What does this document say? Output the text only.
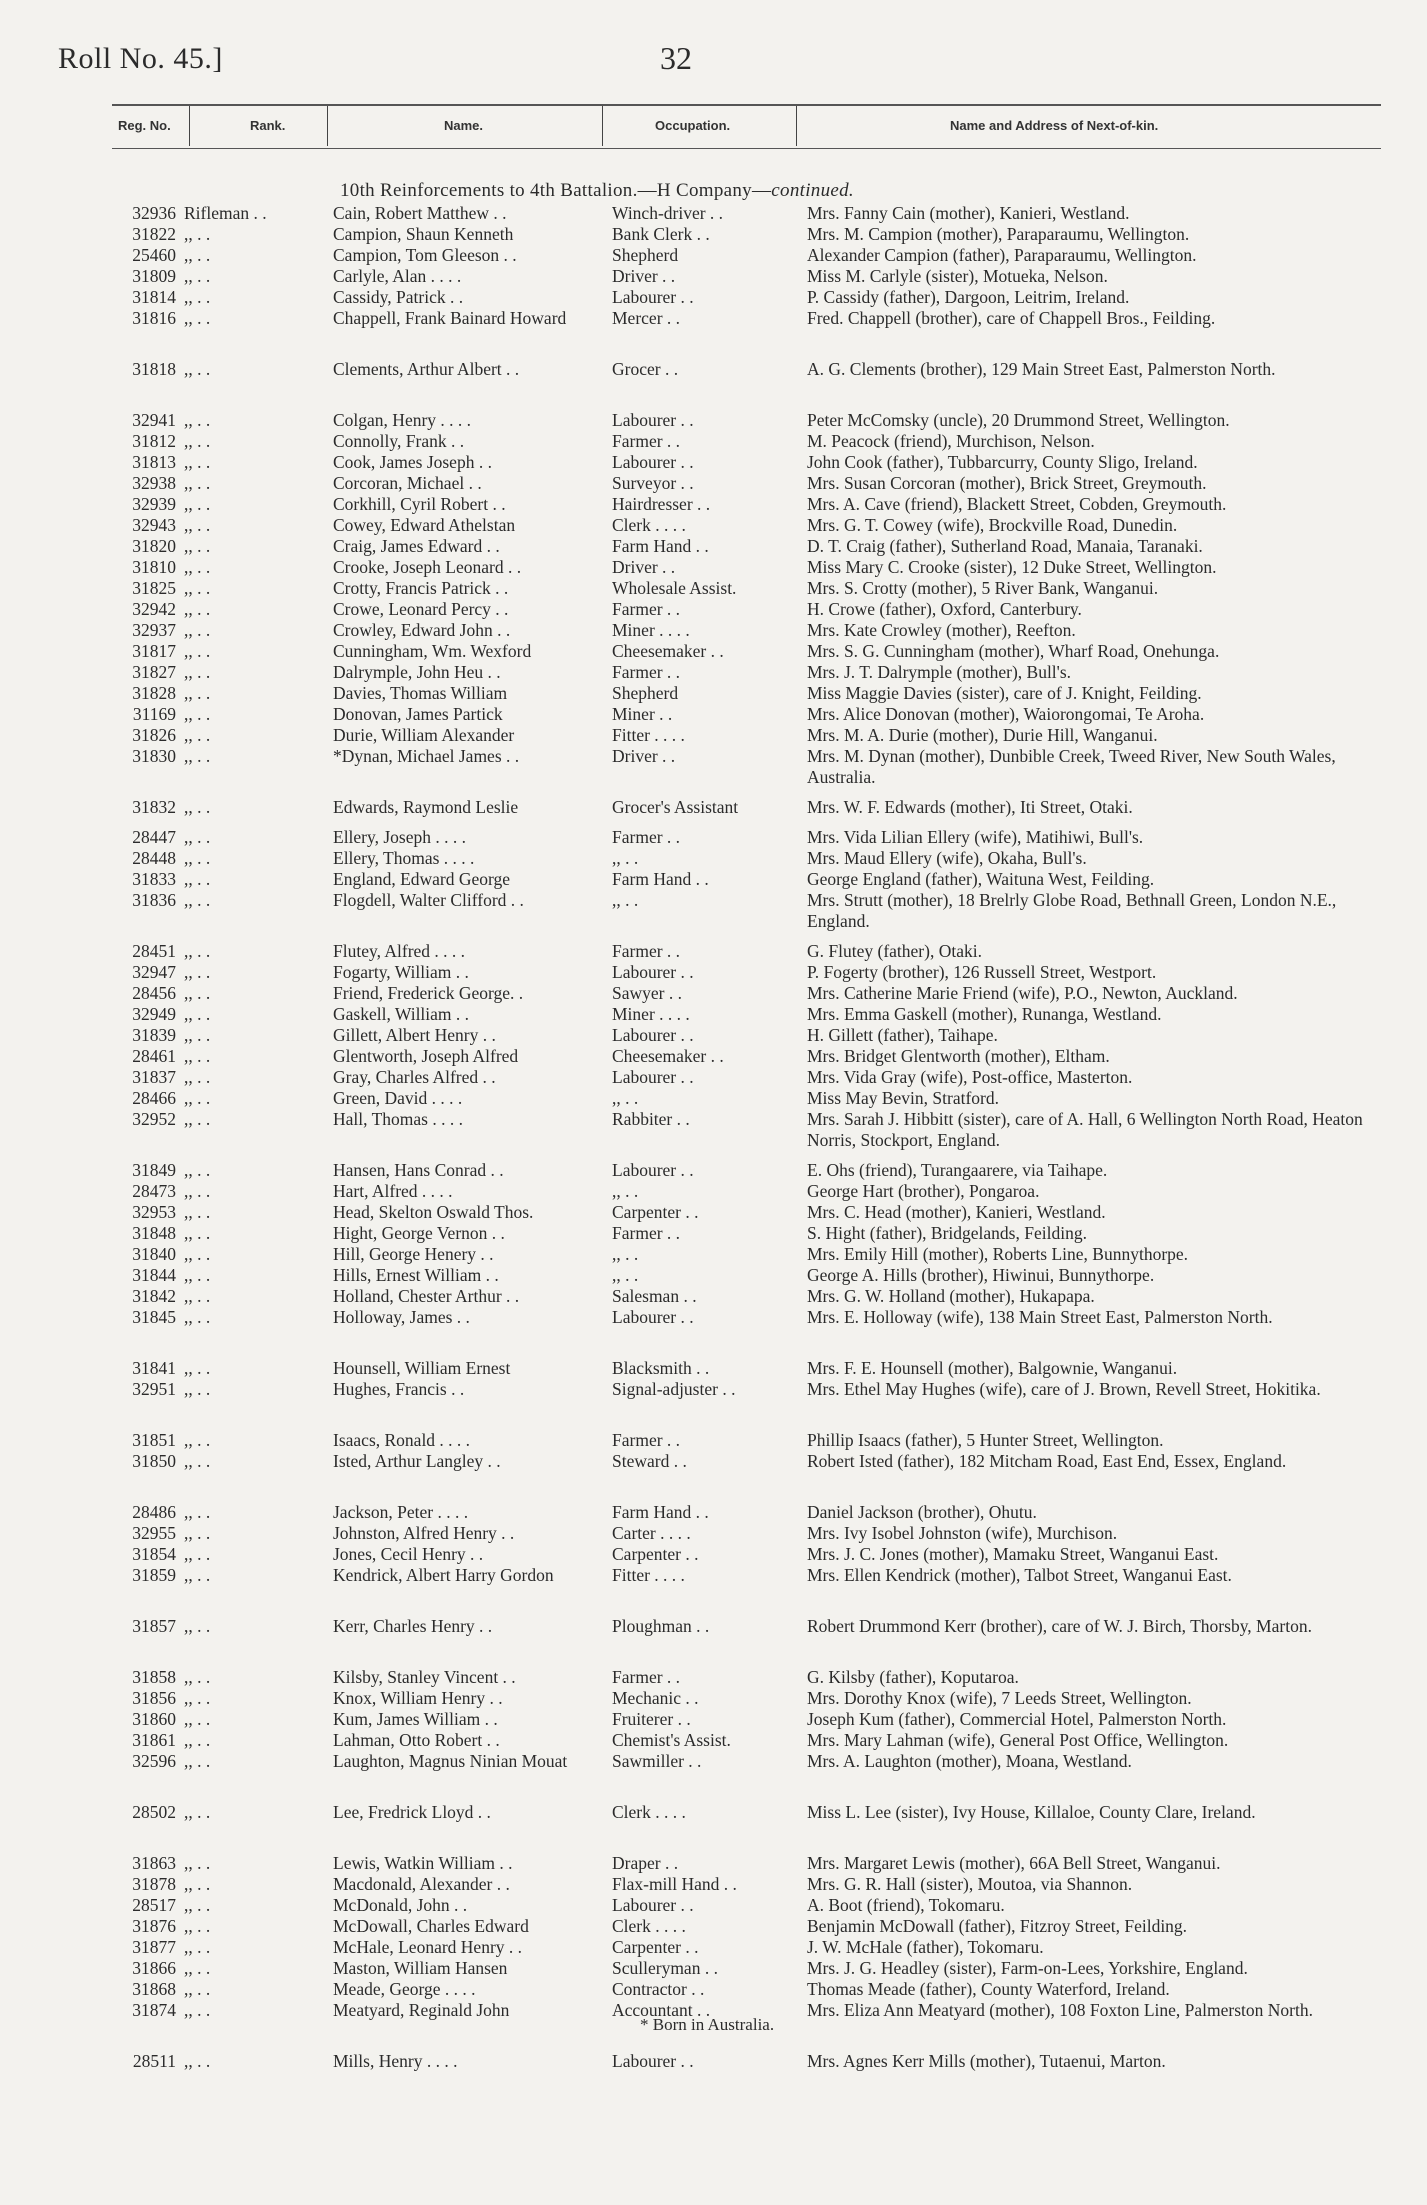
Roll No. 45.]	32
Reg. No.	Rank.	Name.	Occupation.	Name and Address of Next-of-kin.
10th Reinforcements to 4th Battalion.—H Company—continued.
32936 Rifleman . .	Cain, Robert Matthew . .	Winch-driver . .	Mrs. Fanny Cain (mother), Kanieri, Westland.
31822 ,, . .	Campion, Shaun Kenneth	Bank Clerk . .	Mrs. M. Campion (mother), Paraparaumu, Wellington.
25460 ,, . .	Campion, Tom Gleeson . .	Shepherd	Alexander Campion (father), Paraparaumu, Wellington.
31809 ,, . .	Carlyle, Alan . . . .	Driver . .	Miss M. Carlyle (sister), Motueka, Nelson.
31814 ,, . .	Cassidy, Patrick . .	Labourer . .	P. Cassidy (father), Dargoon, Leitrim, Ireland.
31816 ,, . .	Chappell, Frank Bainard Howard	Mercer . .	Fred. Chappell (brother), care of Chappell Bros., Feilding.
31818 ,, . .	Clements, Arthur Albert . .	Grocer . .	A. G. Clements (brother), 129 Main Street East, Palmerston North.
32941 ,, . .	Colgan, Henry . . . .	Labourer . .	Peter McComsky (uncle), 20 Drummond Street, Wellington.
31812 ,, . .	Connolly, Frank . .	Farmer . .	M. Peacock (friend), Murchison, Nelson.
31813 ,, . .	Cook, James Joseph . .	Labourer . .	John Cook (father), Tubbarcurry, County Sligo, Ireland.
32938 ,, . .	Corcoran, Michael . .	Surveyor . .	Mrs. Susan Corcoran (mother), Brick Street, Greymouth.
32939 ,, . .	Corkhill, Cyril Robert . .	Hairdresser . .	Mrs. A. Cave (friend), Blackett Street, Cobden, Greymouth.
32943 ,, . .	Cowey, Edward Athelstan	Clerk . . . .	Mrs. G. T. Cowey (wife), Brockville Road, Dunedin.
31820 ,, . .	Craig, James Edward . .	Farm Hand . .	D. T. Craig (father), Sutherland Road, Manaia, Taranaki.
31810 ,, . .	Crooke, Joseph Leonard . .	Driver . .	Miss Mary C. Crooke (sister), 12 Duke Street, Wellington.
31825 ,, . .	Crotty, Francis Patrick . .	Wholesale Assist.	Mrs. S. Crotty (mother), 5 River Bank, Wanganui.
32942 ,, . .	Crowe, Leonard Percy . .	Farmer . .	H. Crowe (father), Oxford, Canterbury.
32937 ,, . .	Crowley, Edward John . .	Miner . . . .	Mrs. Kate Crowley (mother), Reefton.
31817 ,, . .	Cunningham, Wm. Wexford	Cheesemaker . .	Mrs. S. G. Cunningham (mother), Wharf Road, Onehunga.
31827 ,, . .	Dalrymple, John Heu . .	Farmer . .	Mrs. J. T. Dalrymple (mother), Bull's.
31828 ,, . .	Davies, Thomas William	Shepherd	Miss Maggie Davies (sister), care of J. Knight, Feilding.
31169 ,, . .	Donovan, James Partick	Miner . .	Mrs. Alice Donovan (mother), Waiorongomai, Te Aroha.
31826 ,, . .	Durie, William Alexander	Fitter . . . .	Mrs. M. A. Durie (mother), Durie Hill, Wanganui.
31830 ,, . .	*Dynan, Michael James . .	Driver . .	Mrs. M. Dynan (mother), Dunbible Creek, Tweed River, New South Wales, Australia.
31832 ,, . .	Edwards, Raymond Leslie	Grocer's Assistant	Mrs. W. F. Edwards (mother), Iti Street, Otaki.
28447 ,, . .	Ellery, Joseph . . . .	Farmer . .	Mrs. Vida Lilian Ellery (wife), Matihiwi, Bull's.
28448 ,, . .	Ellery, Thomas . . . .	,, . .	Mrs. Maud Ellery (wife), Okaha, Bull's.
31833 ,, . .	England, Edward George	Farm Hand . .	George England (father), Waituna West, Feilding.
31836 ,, . .	Flogdell, Walter Clifford . .	,, . .	Mrs. Strutt (mother), 18 Brelrly Globe Road, Bethnall Green, London N.E., England.
28451 ,, . .	Flutey, Alfred . . . .	Farmer . .	G. Flutey (father), Otaki.
32947 ,, . .	Fogarty, William . .	Labourer . .	P. Fogerty (brother), 126 Russell Street, Westport.
28456 ,, . .	Friend, Frederick George. .	Sawyer . .	Mrs. Catherine Marie Friend (wife), P.O., Newton, Auckland.
32949 ,, . .	Gaskell, William . .	Miner . . . .	Mrs. Emma Gaskell (mother), Runanga, Westland.
31839 ,, . .	Gillett, Albert Henry . .	Labourer . .	H. Gillett (father), Taihape.
28461 ,, . .	Glentworth, Joseph Alfred	Cheesemaker . .	Mrs. Bridget Glentworth (mother), Eltham.
31837 ,, . .	Gray, Charles Alfred . .	Labourer . .	Mrs. Vida Gray (wife), Post-office, Masterton.
28466 ,, . .	Green, David . . . .	,, . .	Miss May Bevin, Stratford.
32952 ,, . .	Hall, Thomas . . . .	Rabbiter . .	Mrs. Sarah J. Hibbitt (sister), care of A. Hall, 6 Wellington North Road, Heaton Norris, Stockport, England.
31849 ,, . .	Hansen, Hans Conrad . .	Labourer . .	E. Ohs (friend), Turangaarere, via Taihape.
28473 ,, . .	Hart, Alfred . . . .	,, . .	George Hart (brother), Pongaroa.
32953 ,, . .	Head, Skelton Oswald Thos.	Carpenter . .	Mrs. C. Head (mother), Kanieri, Westland.
31848 ,, . .	Hight, George Vernon . .	Farmer . .	S. Hight (father), Bridgelands, Feilding.
31840 ,, . .	Hill, George Henery . .	,, . .	Mrs. Emily Hill (mother), Roberts Line, Bunnythorpe.
31844 ,, . .	Hills, Ernest William . .	,, . .	George A. Hills (brother), Hiwinui, Bunnythorpe.
31842 ,, . .	Holland, Chester Arthur . .	Salesman . .	Mrs. G. W. Holland (mother), Hukapapa.
31845 ,, . .	Holloway, James . .	Labourer . .	Mrs. E. Holloway (wife), 138 Main Street East, Palmerston North.
31841 ,, . .	Hounsell, William Ernest	Blacksmith . .	Mrs. F. E. Hounsell (mother), Balgownie, Wanganui.
32951 ,, . .	Hughes, Francis . .	Signal-adjuster . .	Mrs. Ethel May Hughes (wife), care of J. Brown, Revell Street, Hokitika.
31851 ,, . .	Isaacs, Ronald . . . .	Farmer . .	Phillip Isaacs (father), 5 Hunter Street, Wellington.
31850 ,, . .	Isted, Arthur Langley . .	Steward . .	Robert Isted (father), 182 Mitcham Road, East End, Essex, England.
28486 ,, . .	Jackson, Peter . . . .	Farm Hand . .	Daniel Jackson (brother), Ohutu.
32955 ,, . .	Johnston, Alfred Henry . .	Carter . . . .	Mrs. Ivy Isobel Johnston (wife), Murchison.
31854 ,, . .	Jones, Cecil Henry . .	Carpenter . .	Mrs. J. C. Jones (mother), Mamaku Street, Wanganui East.
31859 ,, . .	Kendrick, Albert Harry Gordon	Fitter . . . .	Mrs. Ellen Kendrick (mother), Talbot Street, Wanganui East.
31857 ,, . .	Kerr, Charles Henry . .	Ploughman . .	Robert Drummond Kerr (brother), care of W. J. Birch, Thorsby, Marton.
31858 ,, . .	Kilsby, Stanley Vincent . .	Farmer . .	G. Kilsby (father), Koputaroa.
31856 ,, . .	Knox, William Henry . .	Mechanic . .	Mrs. Dorothy Knox (wife), 7 Leeds Street, Wellington.
31860 ,, . .	Kum, James William . .	Fruiterer . .	Joseph Kum (father), Commercial Hotel, Palmerston North.
31861 ,, . .	Lahman, Otto Robert . .	Chemist's Assist.	Mrs. Mary Lahman (wife), General Post Office, Wellington.
32596 ,, . .	Laughton, Magnus Ninian Mouat	Sawmiller . .	Mrs. A. Laughton (mother), Moana, Westland.
28502 ,, . .	Lee, Fredrick Lloyd . .	Clerk . . . .	Miss L. Lee (sister), Ivy House, Killaloe, County Clare, Ireland.
31863 ,, . .	Lewis, Watkin William . .	Draper . .	Mrs. Margaret Lewis (mother), 66A Bell Street, Wanganui.
31878 ,, . .	Macdonald, Alexander . .	Flax-mill Hand . .	Mrs. G. R. Hall (sister), Moutoa, via Shannon.
28517 ,, . .	McDonald, John . .	Labourer . .	A. Boot (friend), Tokomaru.
31876 ,, . .	McDowall, Charles Edward	Clerk . . . .	Benjamin McDowall (father), Fitzroy Street, Feilding.
31877 ,, . .	McHale, Leonard Henry . .	Carpenter . .	J. W. McHale (father), Tokomaru.
31866 ,, . .	Maston, William Hansen	Sculleryman . .	Mrs. J. G. Headley (sister), Farm-on-Lees, Yorkshire, England.
31868 ,, . .	Meade, George . . . .	Contractor . .	Thomas Meade (father), County Waterford, Ireland.
31874 ,, . .	Meatyard, Reginald John	Accountant . .	Mrs. Eliza Ann Meatyard (mother), 108 Foxton Line, Palmerston North.
28511 ,, . .	Mills, Henry . . . .	Labourer . .	Mrs. Agnes Kerr Mills (mother), Tutaenui, Marton.
* Born in Australia.
